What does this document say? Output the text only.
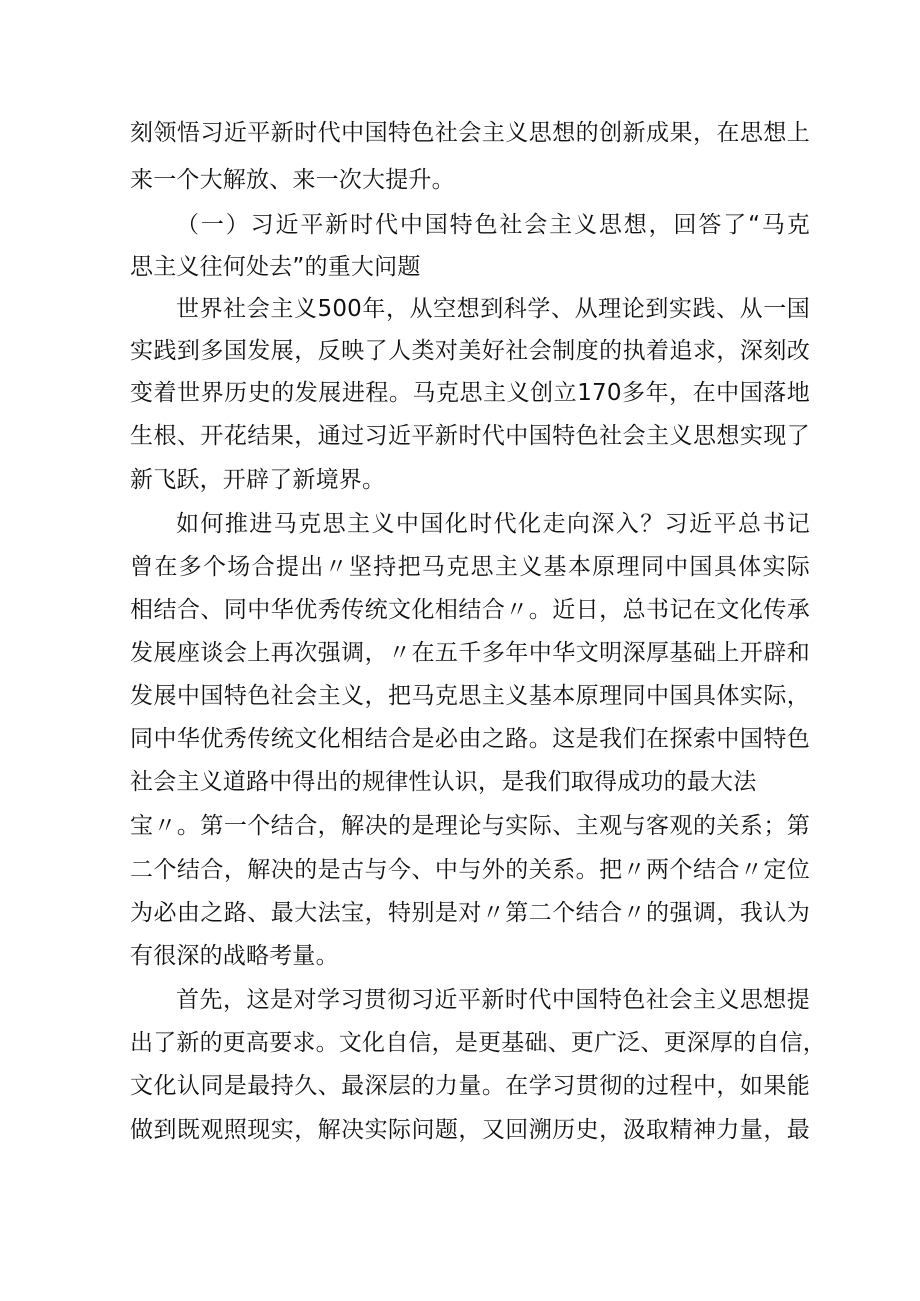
刻领悟习近平新时代中国特色社会主义思想的创新成果，在思想上
来一个大解放、来一次大提升。
（一）习近平新时代中国特色社会主义思想，回答了“马克
思主义往何处去”的重大问题
世界社会主义500年，从空想到科学、从理论到实践、从一国
实践到多国发展，反映了人类对美好社会制度的执着追求，深刻改
变着世界历史的发展进程。马克思主义创立170多年，在中国落地
生根、开花结果，通过习近平新时代中国特色社会主义思想实现了
新飞跃，开辟了新境界。
如何推进马克思主义中国化时代化走向深入？习近平总书记
曾在多个场合提出〃坚持把马克思主义基本原理同中国具体实际
相结合、同中华优秀传统文化相结合〃。近日，总书记在文化传承
发展座谈会上再次强调，〃在五千多年中华文明深厚基础上开辟和
发展中国特色社会主义，把马克思主义基本原理同中国具体实际，
同中华优秀传统文化相结合是必由之路。这是我们在探索中国特色
社会主义道路中得出的规律性认识，是我们取得成功的最大法
宝〃。第一个结合，解决的是理论与实际、主观与客观的关系；第
二个结合，解决的是古与今、中与外的关系。把〃两个结合〃定位
为必由之路、最大法宝，特别是对〃第二个结合〃的强调，我认为
有很深的战略考量。
首先，这是对学习贯彻习近平新时代中国特色社会主义思想提
出了新的更高要求。文化自信，是更基础、更广泛、更深厚的自信，
文化认同是最持久、最深层的力量。在学习贯彻的过程中，如果能
做到既观照现实，解决实际问题，又回溯历史，汲取精神力量，最
